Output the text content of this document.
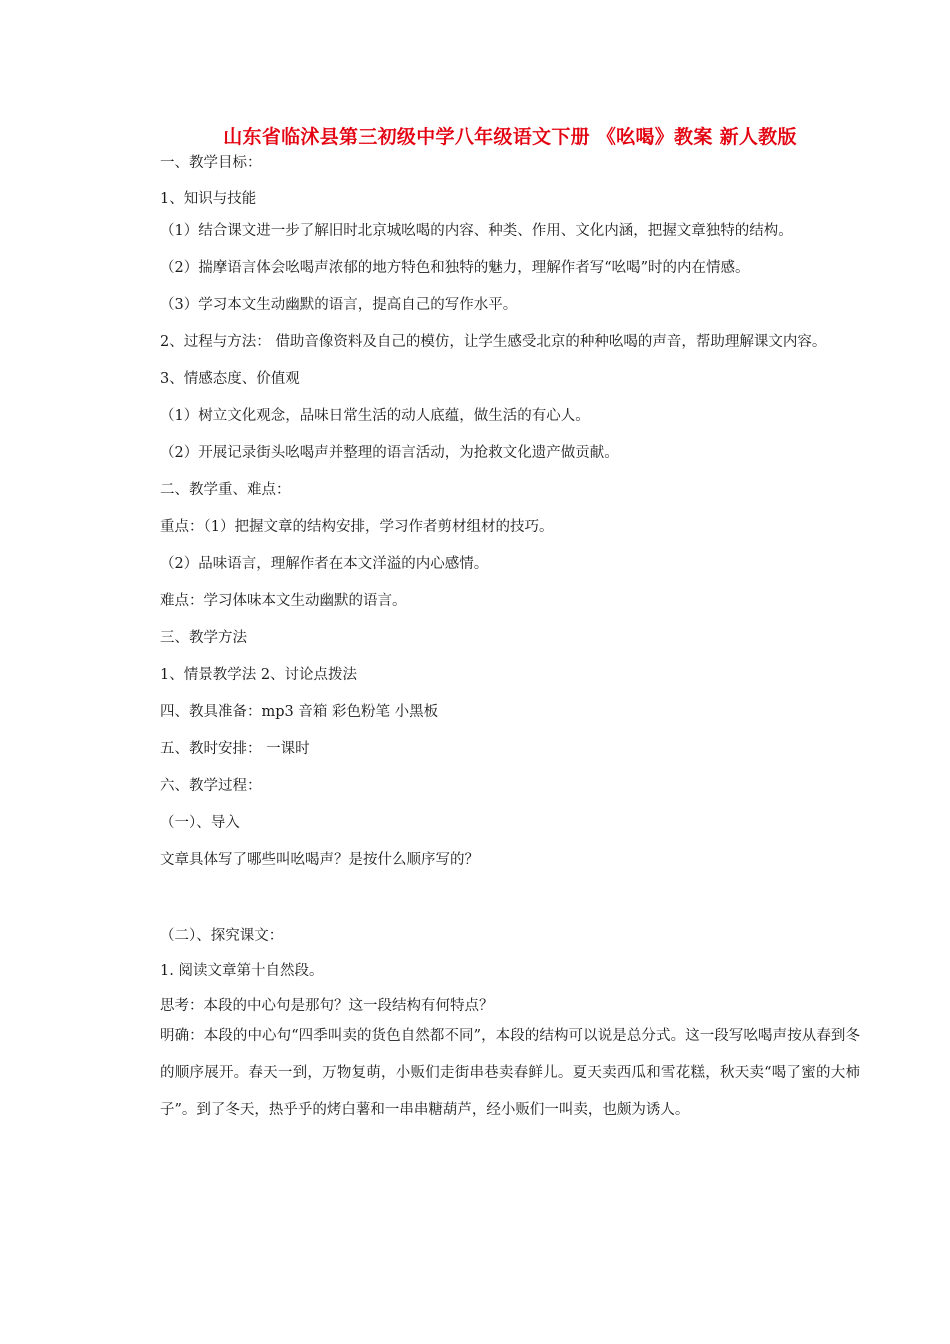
山东省临沭县第三初级中学八年级语文下册 《吆喝》教案 新人教版

一、教学目标：

1、知识与技能

（1）结合课文进一步了解旧时北京城吆喝的内容、种类、作用、文化内涵，把握文章独特的结构。

（2）揣摩语言体会吆喝声浓郁的地方特色和独特的魅力，理解作者写“吆喝”时的内在情感。

（3）学习本文生动幽默的语言，提高自己的写作水平。

2、过程与方法： 借助音像资料及自己的模仿，让学生感受北京的种种吆喝的声音，帮助理解课文内容。

3、情感态度、价值观

（1）树立文化观念，品味日常生活的动人底蕴，做生活的有心人。

（2）开展记录街头吆喝声并整理的语言活动，为抢救文化遗产做贡献。

二、教学重、难点：

重点：（1）把握文章的结构安排，学习作者剪材组材的技巧。

（2）品味语言，理解作者在本文洋溢的内心感情。

难点：学习体味本文生动幽默的语言。

三、教学方法

1、情景教学法 2、讨论点拨法

四、教具准备：mp3 音箱 彩色粉笔 小黑板

五、教时安排： 一课时

六、教学过程：

（一）、导入

文章具体写了哪些叫吆喝声？是按什么顺序写的？

（二）、探究课文：

1. 阅读文章第十自然段。

思考：本段的中心句是那句？这一段结构有何特点？

明确：本段的中心句“四季叫卖的货色自然都不同”，本段的结构可以说是总分式。这一段写吆喝声按从春到冬的顺序展开。春天一到，万物复萌，小贩们走街串巷卖春鲜儿。夏天卖西瓜和雪花糕，秋天卖“喝了蜜的大柿子”。到了冬天，热乎乎的烤白薯和一串串糖葫芦，经小贩们一叫卖，也颇为诱人。
